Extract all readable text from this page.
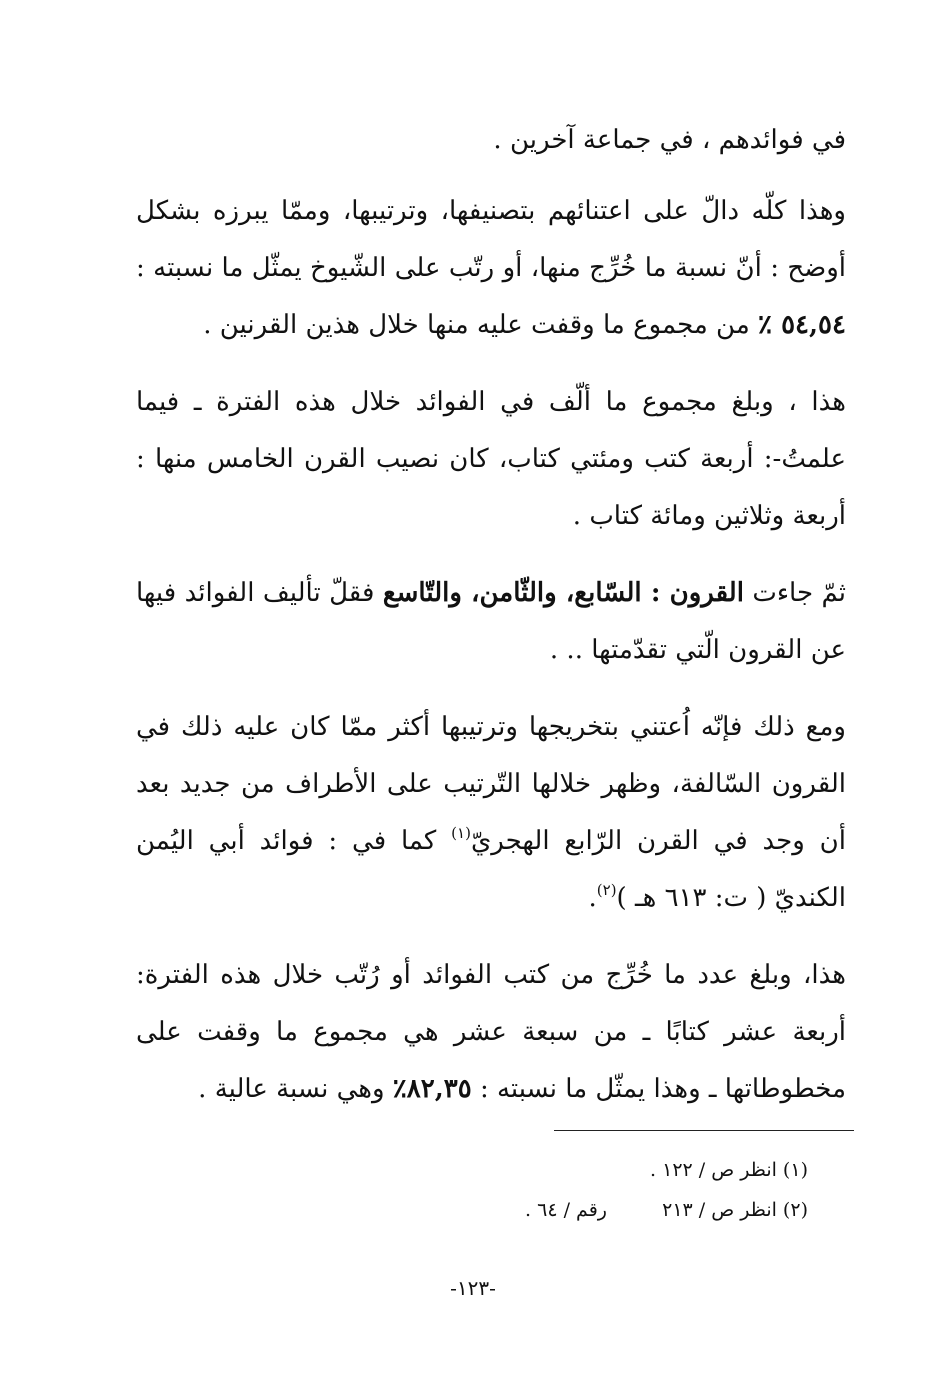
في فوائدهم ، في جماعة آخرين .

وهذا كلّه دالّ على اعتنائهم بتصنيفها، وترتيبها، وممّا يبرزه بشكل أوضح : أنّ نسبة ما خُرِّج منها، أو رتّب على الشّيوخ يمثّل ما نسبته : ٥٤,٥٤ ٪ من مجموع ما وقفت عليه منها خلال هذين القرنين .

هذا ، وبلغ مجموع ما ألّف في الفوائد خلال هذه الفترة ـ فيما علمتُ-: أربعة كتب ومئتي كتاب، كان نصيب القرن الخامس منها : أربعة وثلاثين ومائة كتاب .

ثمّ جاءت القرون : السّابع، والثّامن، والتّاسع فقلّ تأليف الفوائد فيها عن القرون الّتي تقدّمتها .. .

ومع ذلك فإنّه اُعتني بتخريجها وترتيبها أكثر ممّا كان عليه ذلك في القرون السّالفة، وظهر خلالها التّرتيب على الأطراف من جديد بعد أن وجد في القرن الرّابع الهجريّ$^{(١)}$ كما في : فوائد أبي اليُمن الكنديّ ( ت: ٦١٣ هـ )$^{(٢)}$.

هذا، وبلغ عدد ما خُرِّج من كتب الفوائد أو رُتّب خلال هذه الفترة: أربعة عشر كتابًا ـ من سبعة عشر هي مجموع ما وقفت على مخطوطاتها ـ وهذا يمثّل ما نسبته : ٨٢,٣٥٪ وهي نسبة عالية .

(١) انظر ص / ١٢٢ .
(٢) انظر ص / ٢١٣ رقم / ٦٤ .
-١٢٣-
